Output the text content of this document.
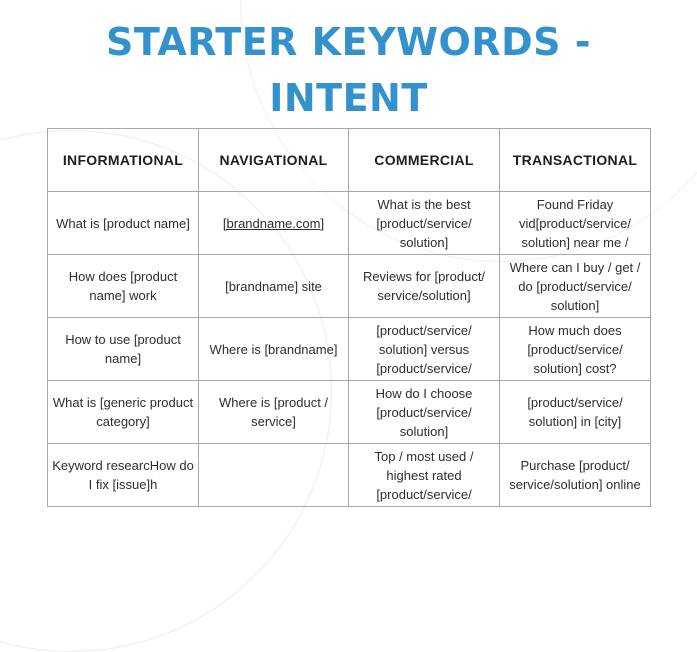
STARTER KEYWORDS -
INTENT
INFORMATIONAL	NAVIGATIONAL	COMMERCIAL	TRANSACTIONAL

What is [product name]	[brandname.com]	What is the best [product/service/ solution]	Found Friday vid[product/service/ solution] near me /

How does [product name] work	[brandname] site	Reviews for [product/ service/solution]	Where can I buy / get / do [product/service/ solution]

How to use [product name]	Where is [brandname]	[product/service/ solution] versus [product/service/	How much does [product/service/ solution] cost?

What is [generic product category]	Where is [product / service]	How do I choose [product/service/ solution]	[product/service/ solution] in [city]

Keyword researcHow do I fix [issue]h		Top / most used / highest rated [product/service/	Purchase [product/ service/solution] online
